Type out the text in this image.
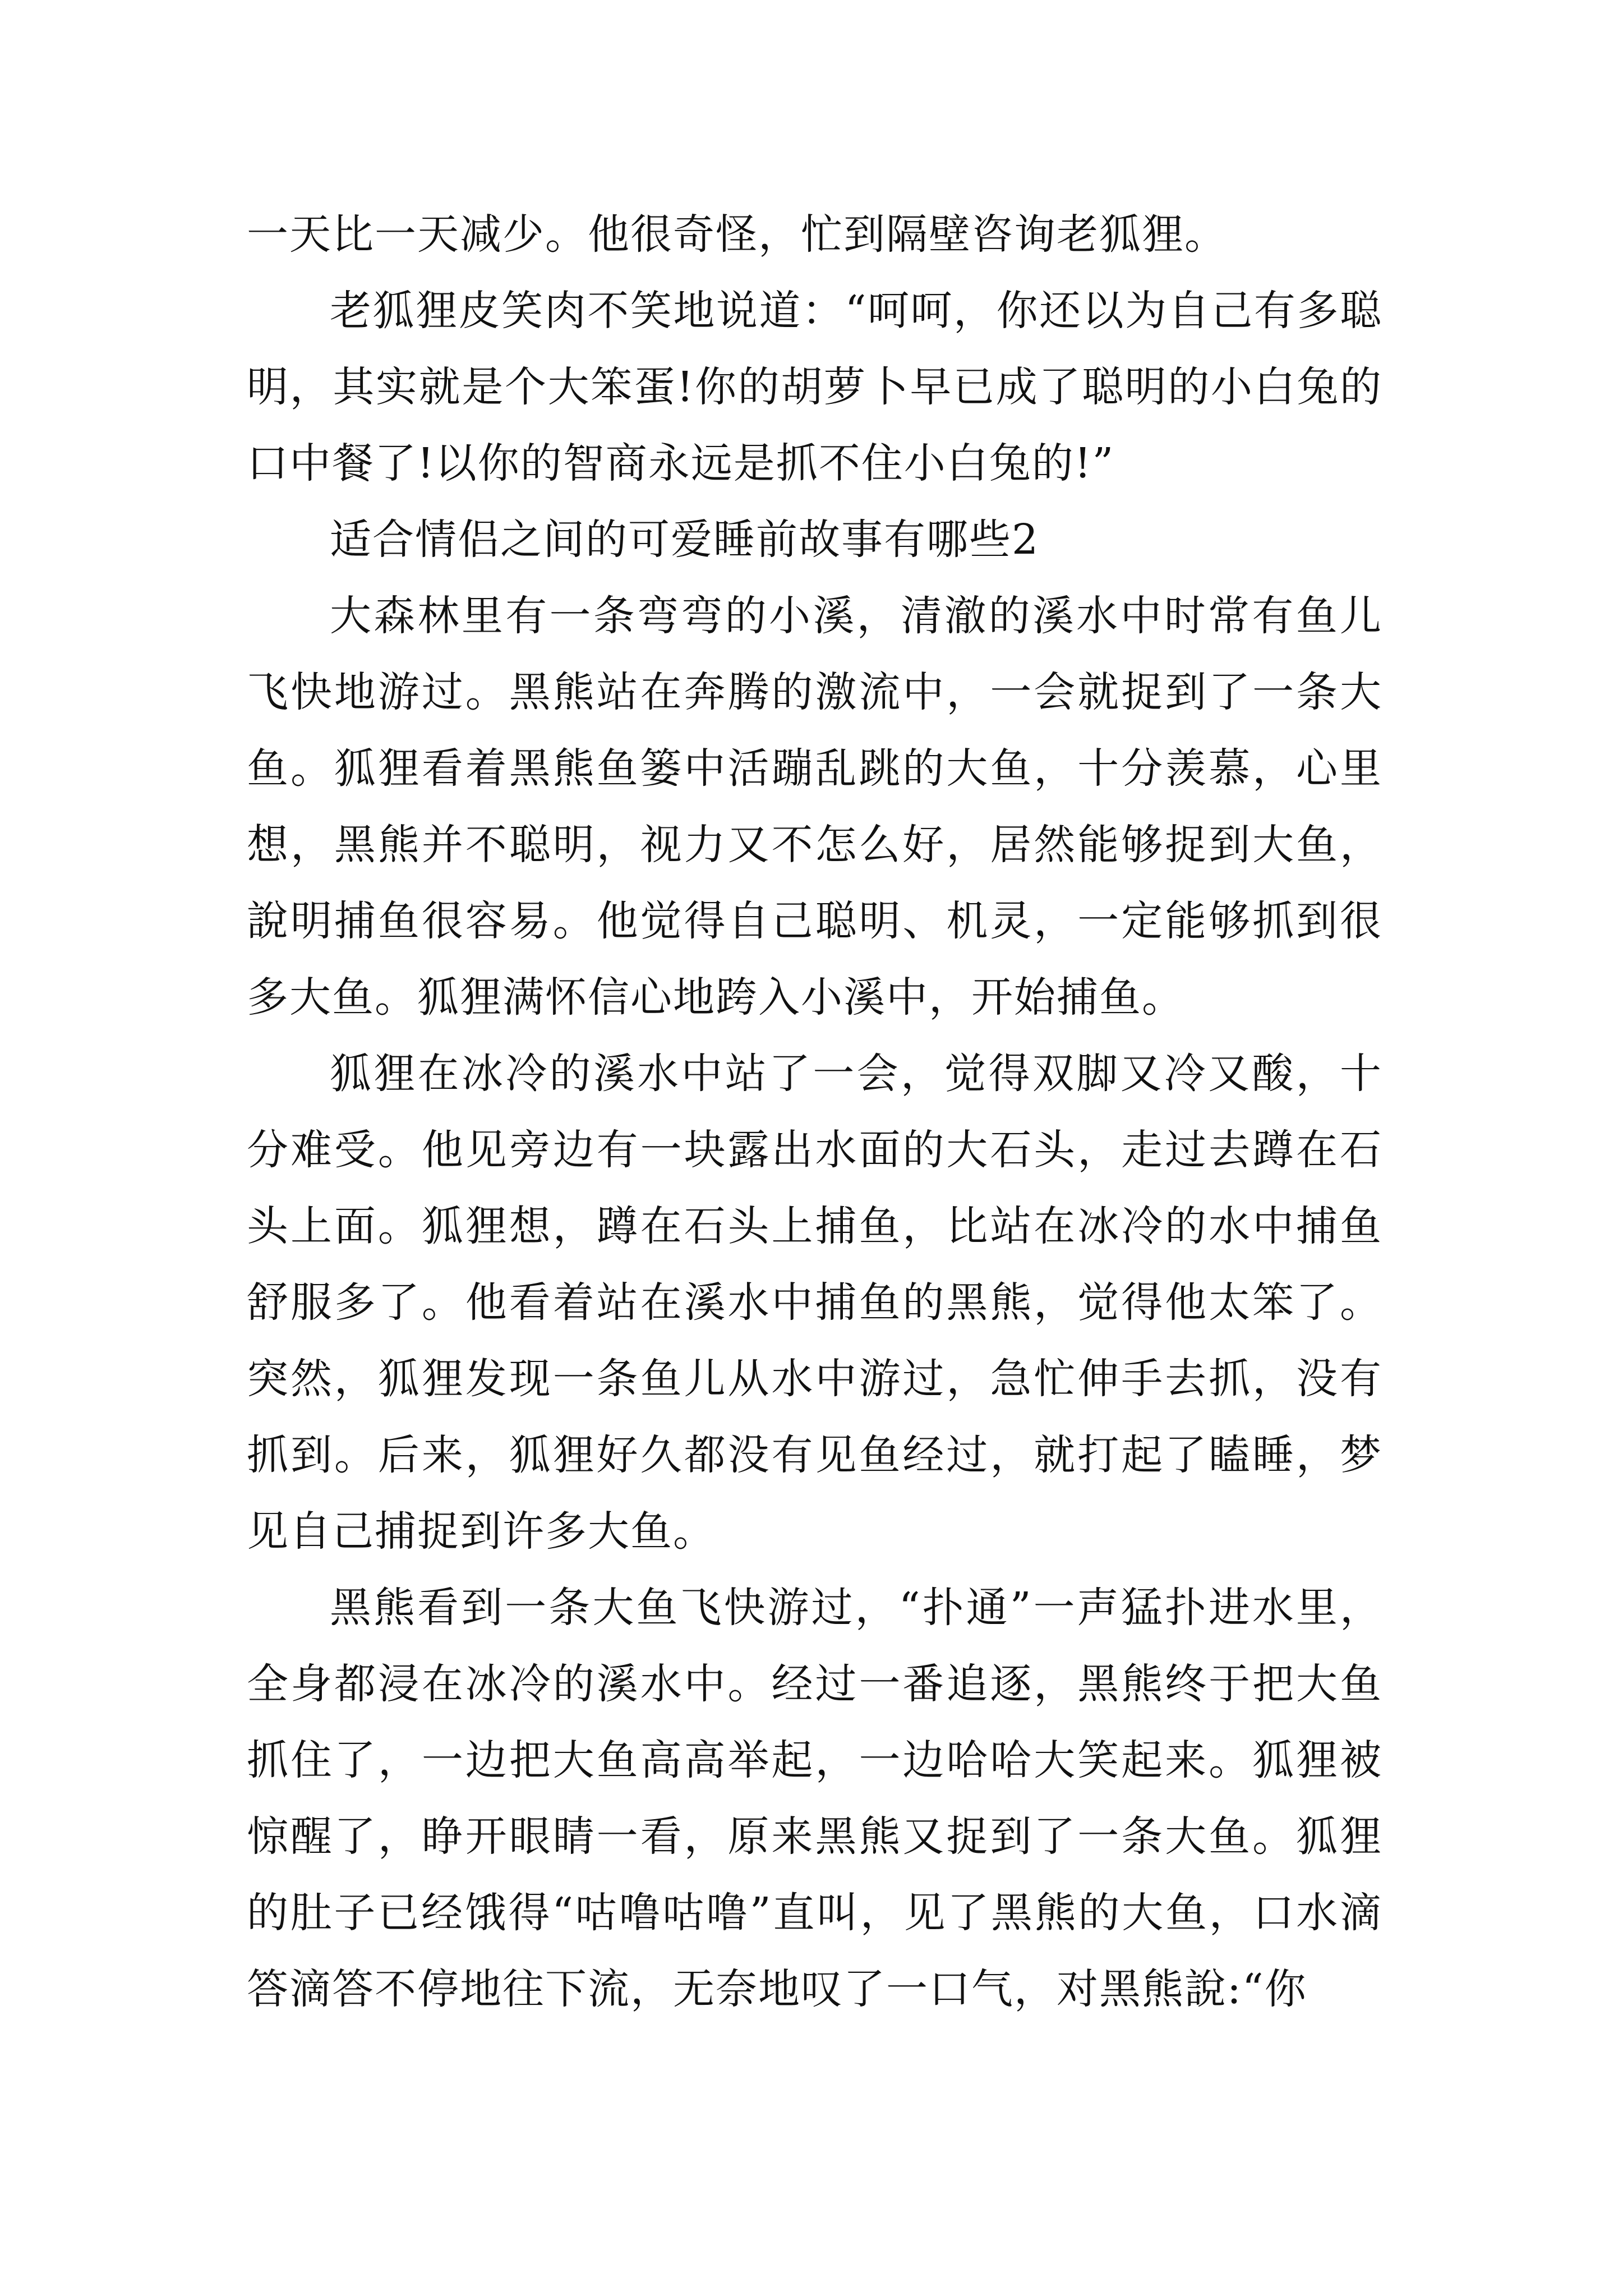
一天比一天减少。他很奇怪，忙到隔壁咨询老狐狸。

老狐狸皮笑肉不笑地说道：“呵呵，你还以为自己有多聪明，其实就是个大笨蛋!你的胡萝卜早已成了聪明的小白兔的口中餐了!以你的智商永远是抓不住小白兔的!”

适合情侣之间的可爱睡前故事有哪些2

大森林里有一条弯弯的小溪，清澈的溪水中时常有鱼儿飞快地游过。黑熊站在奔腾的激流中，一会就捉到了一条大鱼。狐狸看着黑熊鱼篓中活蹦乱跳的大鱼，十分羡慕，心里想，黑熊并不聪明，视力又不怎么好，居然能够捉到大鱼，說明捕鱼很容易。他觉得自己聪明、机灵，一定能够抓到很多大鱼。狐狸满怀信心地跨入小溪中，开始捕鱼。

狐狸在冰冷的溪水中站了一会，觉得双脚又冷又酸，十分难受。他见旁边有一块露出水面的大石头，走过去蹲在石头上面。狐狸想，蹲在石头上捕鱼，比站在冰冷的水中捕鱼舒服多了。他看着站在溪水中捕鱼的黑熊，觉得他太笨了。突然，狐狸发现一条鱼儿从水中游过，急忙伸手去抓，没有抓到。后来，狐狸好久都没有见鱼经过，就打起了瞌睡，梦见自己捕捉到许多大鱼。

黑熊看到一条大鱼飞快游过，“扑通”一声猛扑进水里，全身都浸在冰冷的溪水中。经过一番追逐，黑熊终于把大鱼抓住了，一边把大鱼高高举起，一边哈哈大笑起来。狐狸被惊醒了，睁开眼睛一看，原来黑熊又捉到了一条大鱼。狐狸的肚子已经饿得“咕噜咕噜”直叫，见了黑熊的大鱼，口水滴答滴答不停地往下流，无奈地叹了一口气，对黑熊說:“你
